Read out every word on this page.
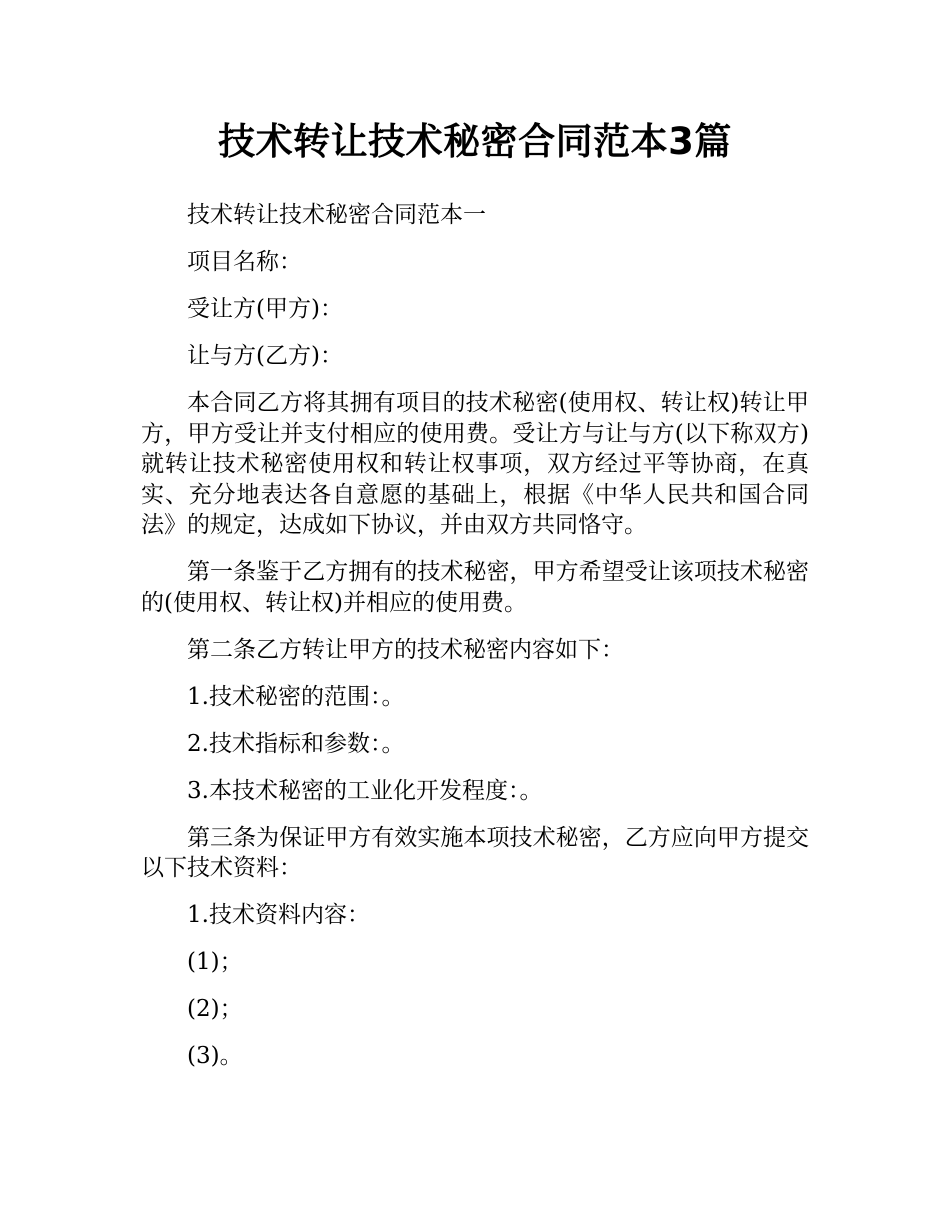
技术转让技术秘密合同范本3篇

技术转让技术秘密合同范本一

项目名称：

受让方(甲方)：

让与方(乙方)：

本合同乙方将其拥有项目的技术秘密(使用权、转让权)转让甲方，甲方受让并支付相应的使用费。受让方与让与方(以下称双方)就转让技术秘密使用权和转让权事项，双方经过平等协商，在真实、充分地表达各自意愿的基础上，根据《中华人民共和国合同法》的规定，达成如下协议，并由双方共同恪守。

第一条鉴于乙方拥有的技术秘密，甲方希望受让该项技术秘密的(使用权、转让权)并相应的使用费。

第二条乙方转让甲方的技术秘密内容如下：

1.技术秘密的范围：。

2.技术指标和参数：。

3.本技术秘密的工业化开发程度：。

第三条为保证甲方有效实施本项技术秘密，乙方应向甲方提交以下技术资料：

1.技术资料内容：

(1)；

(2)；

(3)。
